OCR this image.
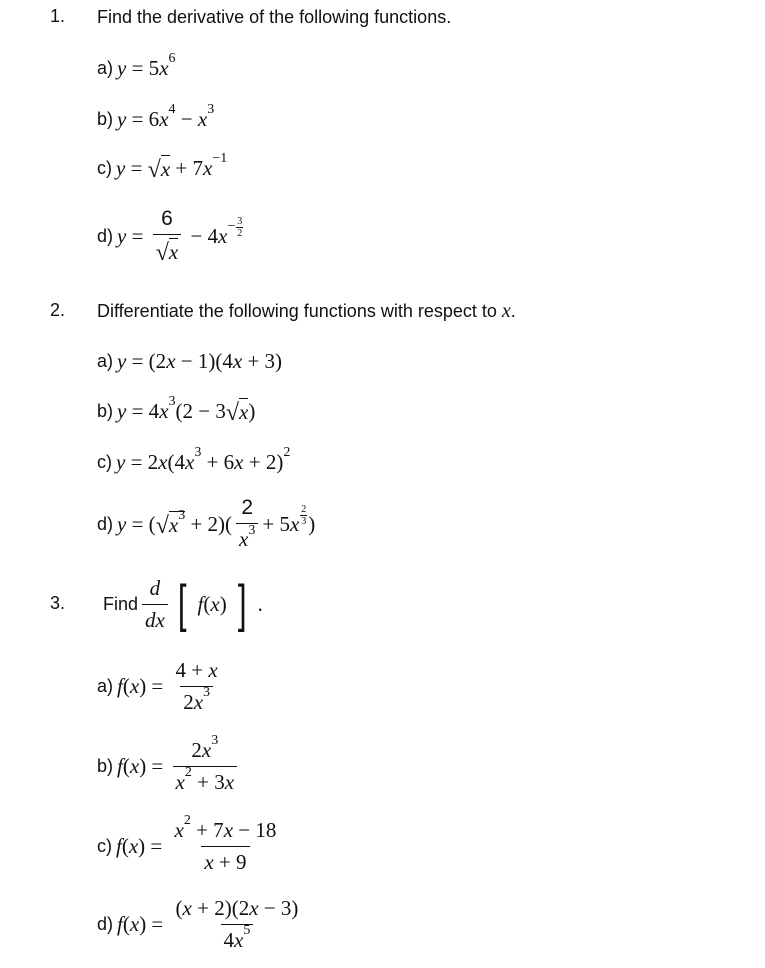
1. Find the derivative of the following functions.
a) y = 5 x 6
b) y = 6 x 4 − x 3
c) y = √ x + 7 x −1
d) $y = \frac{6}{√ x} - 4$ $x - \frac{3}{2}$
2. Differentiate the following functions with respect to
x .
a) y = (2 x − 1)(4 x + 3)
b) y = 4 x 3 (2 − 3 √ x )
c) y = 2 x (4 x 3 + 6 x + 2) 2
d) y = ( √ x $3 + 2)( \frac{2}{x 3} + 5$ x $\frac{2}{3}$ )
3. Find $\frac{d}{dx}$ [ f ( x ) ] .
a) f ( x ) = $\frac{4 + x}{2 x 3}$
b) f ( x ) = $\frac{2 x 3}{x 2 + 3 x}$
c) f ( x ) = $\frac{x 2 + 7 x - 18}{x + 9}$
d) f ( x ) = $\frac{( x + 2)(2 x - 3)}{4 x 5}$
